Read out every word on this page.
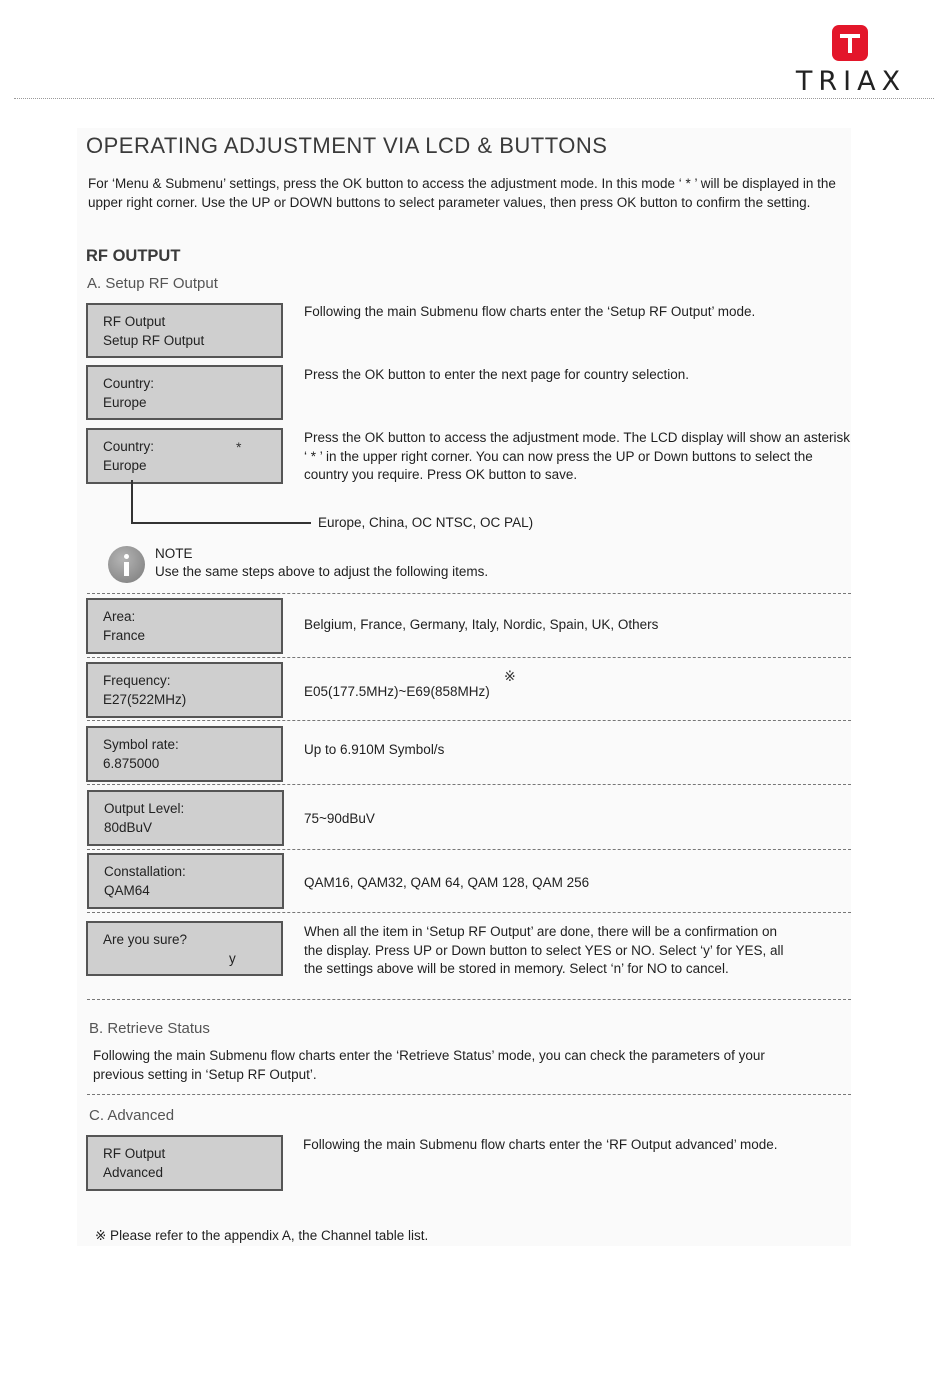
TRIAX
OPERATING ADJUSTMENT VIA LCD & BUTTONS
For ‘Menu & Submenu’ settings, press the OK button to access the adjustment mode. In this mode ‘ * ’ will be displayed in the upper right corner. Use the UP or DOWN buttons to select parameter values, then press OK button to confirm the setting.
RF OUTPUT
A. Setup RF Output
RF Output
Setup RF Output
Following the main Submenu flow charts enter the ‘Setup RF Output’ mode.
Country:
Europe
Press the OK button to enter the next page for country selection.
Country:
Europe
*
Press the OK button to access the adjustment mode. The LCD display will show an asterisk ‘ * ’ in the upper right corner. You can now press the UP or Down buttons to select the country you require. Press OK button to save.
Europe, China, OC NTSC, OC PAL)
NOTE
Use the same steps above to adjust the following items.
Area:
France
Belgium, France, Germany, Italy, Nordic, Spain, UK, Others
Frequency:
E27(522MHz)	E05(177.5MHz)~E69(858MHz)
※
Symbol rate:
6.875000
Up to 6.910M Symbol/s
Output Level:
80dBuV
75~90dBuV
Constallation:
QAM64	QAM16, QAM32, QAM 64, QAM 128, QAM 256
Are you sure?
y
When all the item in ‘Setup RF Output’ are done, there will be a confirmation on the display. Press UP or Down button to select YES or NO. Select ‘y’ for YES, all the settings above will be stored in memory. Select ‘n’ for NO to cancel.
B. Retrieve Status
Following the main Submenu flow charts enter the ‘Retrieve Status’ mode, you can check the parameters of your previous setting in ‘Setup RF Output’.
C. Advanced
RF Output
Advanced
Following the main Submenu flow charts enter the ‘RF Output advanced’ mode.
※ Please refer to the appendix A, the Channel table list.
